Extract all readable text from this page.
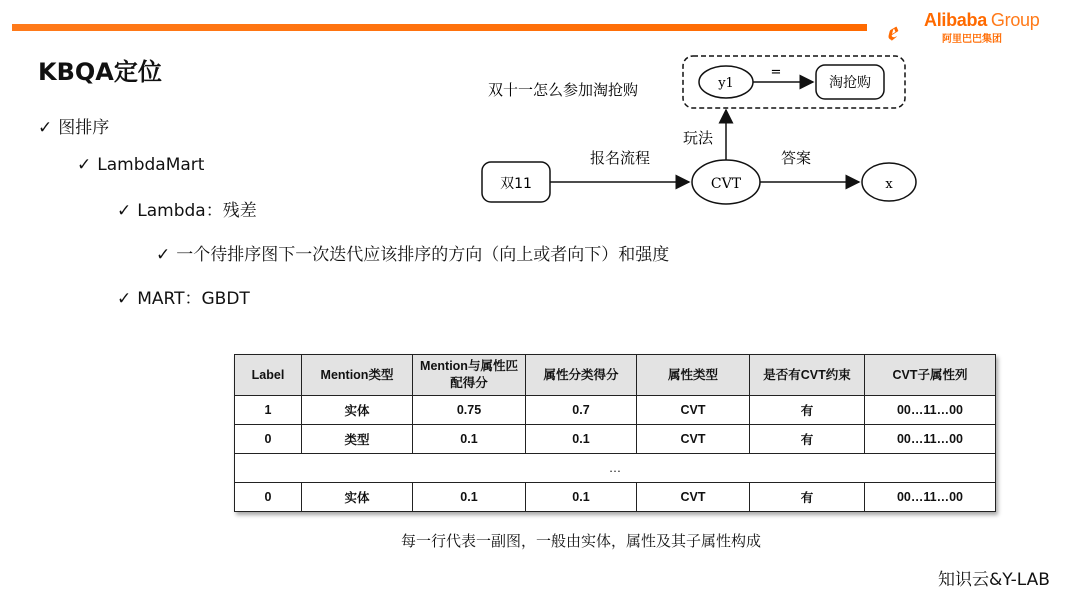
ꬲ Alibaba Group
阿里巴巴集团
KBQA定位
✓ 图排序
✓ LambdaMart
✓ Lambda：残差
✓ 一个待排序图下一次迭代应该排序的方向（向上或者向下）和强度
✓ MART：GBDT
y1	淘抢购
=
双十一怎么参加淘抢购
双11	CVT	x
报名流程
玩法
答案
Label	Mention类型	Mention与属性匹配得分	属性分类得分	属性类型	是否有CVT约束	CVT子属性列
1	实体	0.75	0.7	CVT	有	00…11…00
0	类型	0.1	0.1	CVT	有	00…11…00
…						
0	实体	0.1	0.1	CVT	有	00…11…00
每一行代表一副图，一般由实体，属性及其子属性构成
知识云&Y-LAB
